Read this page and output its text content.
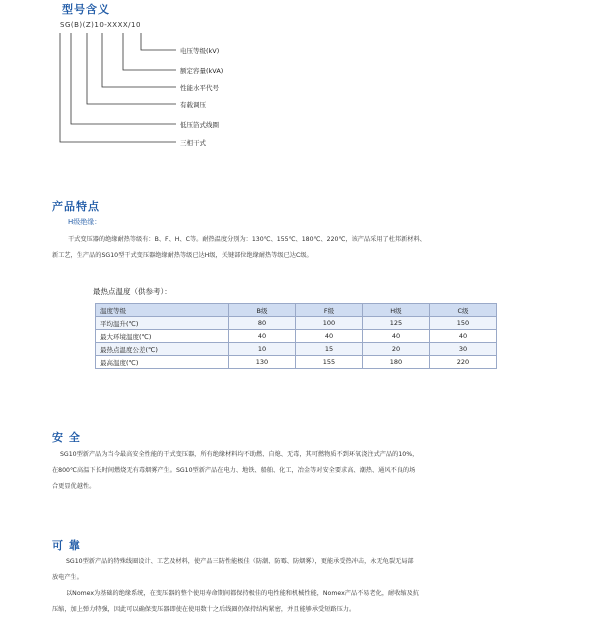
型号含义
SG(B)(Z)10-XXXX/10
电压等级(kV)
额定容量(kVA)
性能水平代号
有载调压
低压箔式线圈
三相干式
产品特点
H级绝缘：
干式变压器的绝缘耐热等级有：B、F、H、C等。耐热温度分别为：130℃、155℃、180℃、220℃，该产品采用了杜邦新材料、
新工艺，生产品的SG10型干式变压器绝缘耐热等级已达H级，关键部位绝缘耐热等级已达C级。
最热点温度（供参考）：
温度等级	B级	F级	H级	C级
平均温升(℃)	80	100	125	150
最大环境温度(℃)	40	40	40	40
最热点温度公差(℃)	10	15	20	30
最高温度(℃)	130	155	180	220
安 全
SG10型新产品为当今最高安全性能的干式变压器，所有绝缘材料均不助燃、自熄、无毒，其可燃物质不到环氧浇注式产品的10%，
在800℃高温下长时间燃烧无有毒烟雾产生。SG10型新产品在电力、地铁、船舶、化工，冶金等对安全要求高、潮热、通风不良的场
合更显优越性。
可 靠
SG10型新产品的特殊线圈设计、工艺及材料，使产品三防性能极佳（防潮、防霉、防烟雾），更能承受热冲击，永无龟裂无局部
放电产生。
以Nomex为基础的绝缘系统，在变压器的整个使用寿命期间都保持极佳的电性能和机械性能，Nomex产品不易老化，耐收缩及抗
压缩，加上弹力特强，因此可以确保变压器即使在使用数十之后线圈仍保持结构紧密，并且能够承受短路压力。
